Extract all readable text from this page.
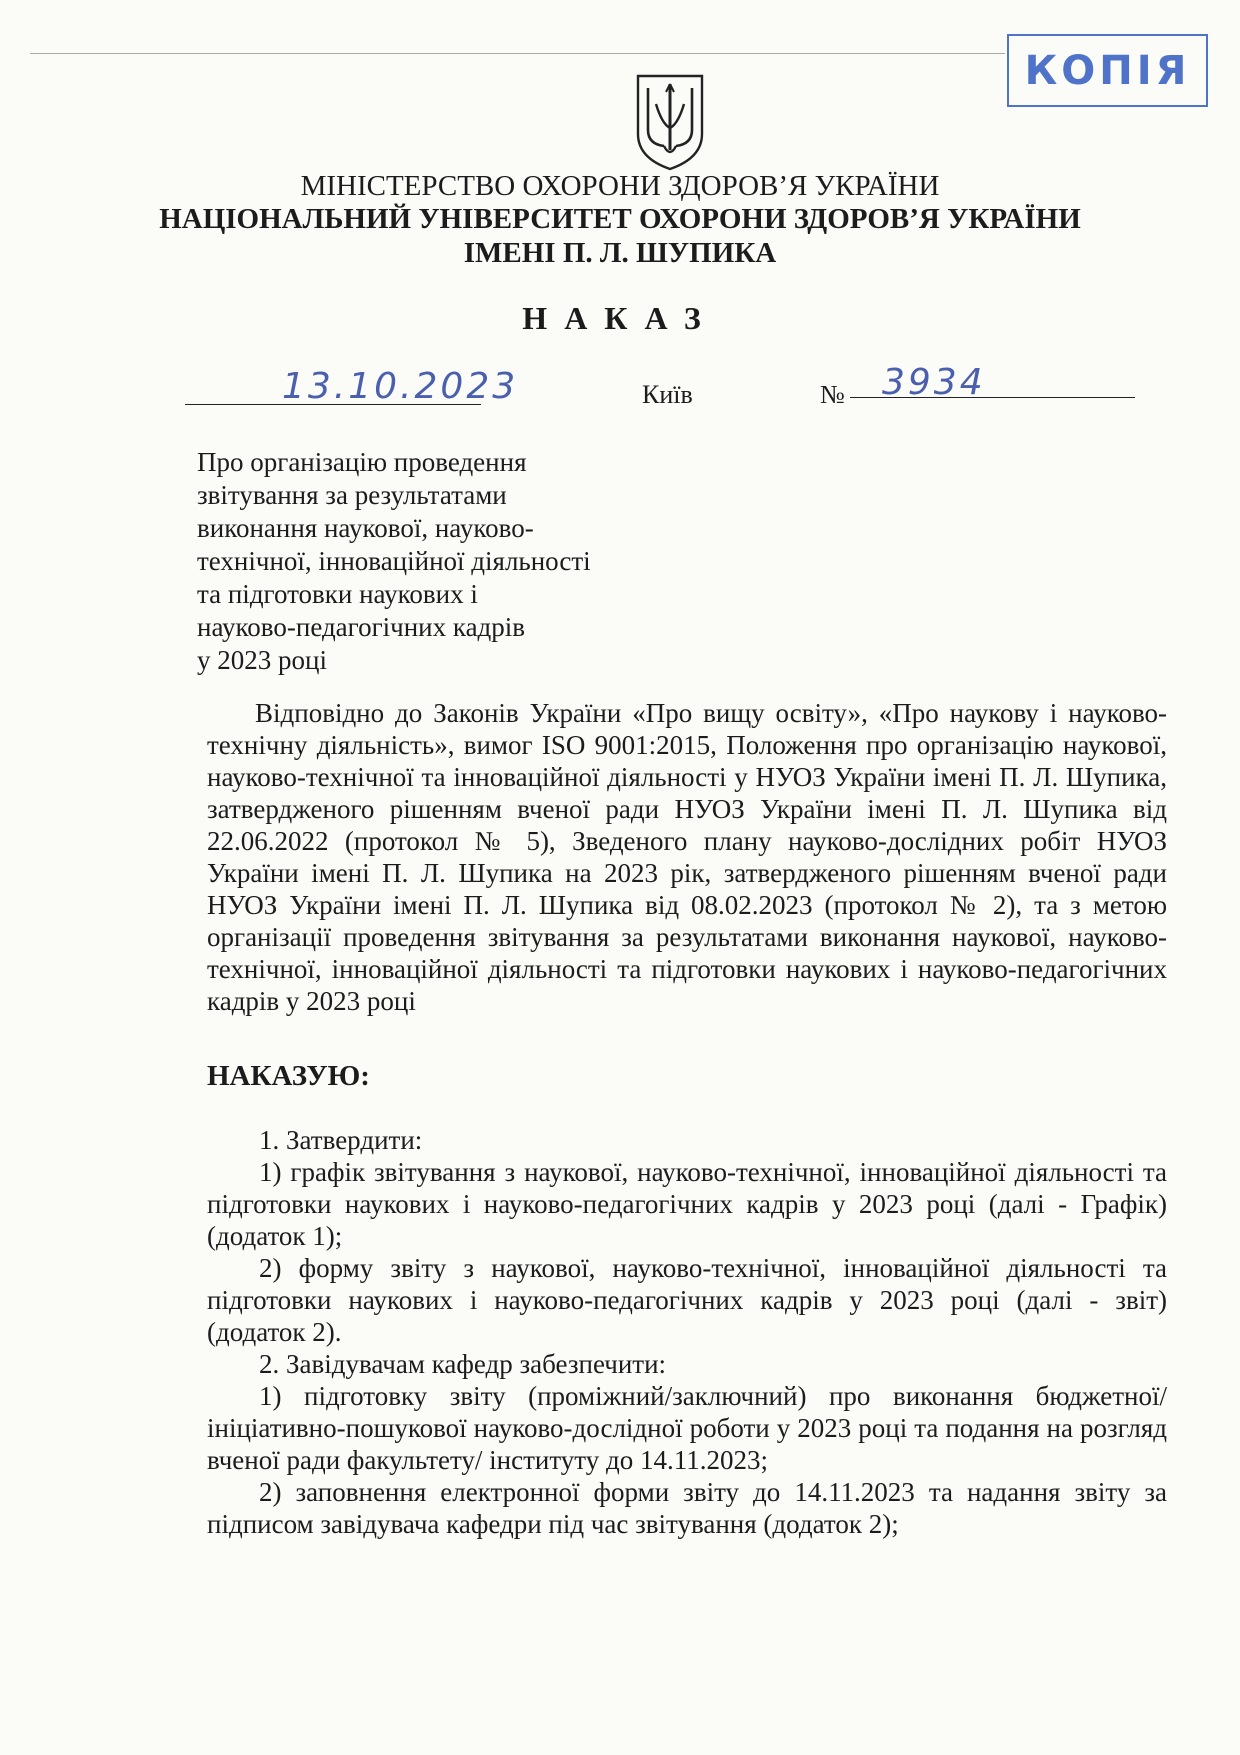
КОПІЯ
МІНІСТЕРСТВО ОХОРОНИ ЗДОРОВ’Я УКРАЇНИ
НАЦІОНАЛЬНИЙ УНІВЕРСИТЕТ ОХОРОНИ ЗДОРОВ’Я УКРАЇНИ
ІМЕНІ П. Л. ШУПИКА
НАКАЗ
13.10.2023	Київ	№ 3934
Про організацію проведення
звітування за результатами
виконання наукової, науково-
технічної, інноваційної діяльності
та підготовки наукових і
науково-педагогічних кадрів
у 2023 році

Відповідно до Законів України «Про вищу освіту», «Про наукову і науково-технічну діяльність», вимог ISO 9001:2015, Положення про організацію наукової, науково-технічної та інноваційної діяльності у НУОЗ України імені П. Л. Шупика, затвердженого рішенням вченої ради НУОЗ України імені П. Л. Шупика від 22.06.2022 (протокол № 5), Зведеного плану науково-дослідних робіт НУОЗ України імені П. Л. Шупика на 2023 рік, затвердженого рішенням вченої ради НУОЗ України імені П. Л. Шупика від 08.02.2023 (протокол № 2), та з метою організації проведення звітування за результатами виконання наукової, науково-технічної, інноваційної діяльності та підготовки наукових і науково-педагогічних кадрів у 2023 році

НАКАЗУЮ:

1. Затвердити:

1) графік звітування з наукової, науково-технічної, інноваційної діяльності та підготовки наукових і науково-педагогічних кадрів у 2023 році (далі - Графік) (додаток 1);

2) форму звіту з наукової, науково-технічної, інноваційної діяльності та підготовки наукових і науково-педагогічних кадрів у 2023 році (далі - звіт) (додаток 2).

2. Завідувачам кафедр забезпечити:

1) підготовку звіту (проміжний/заключний) про виконання бюджетної/ ініціативно-пошукової науково-дослідної роботи у 2023 році та подання на розгляд вченої ради факультету/ інституту до 14.11.2023;

2) заповнення електронної форми звіту до 14.11.2023 та надання звіту за підписом завідувача кафедри під час звітування (додаток 2);
